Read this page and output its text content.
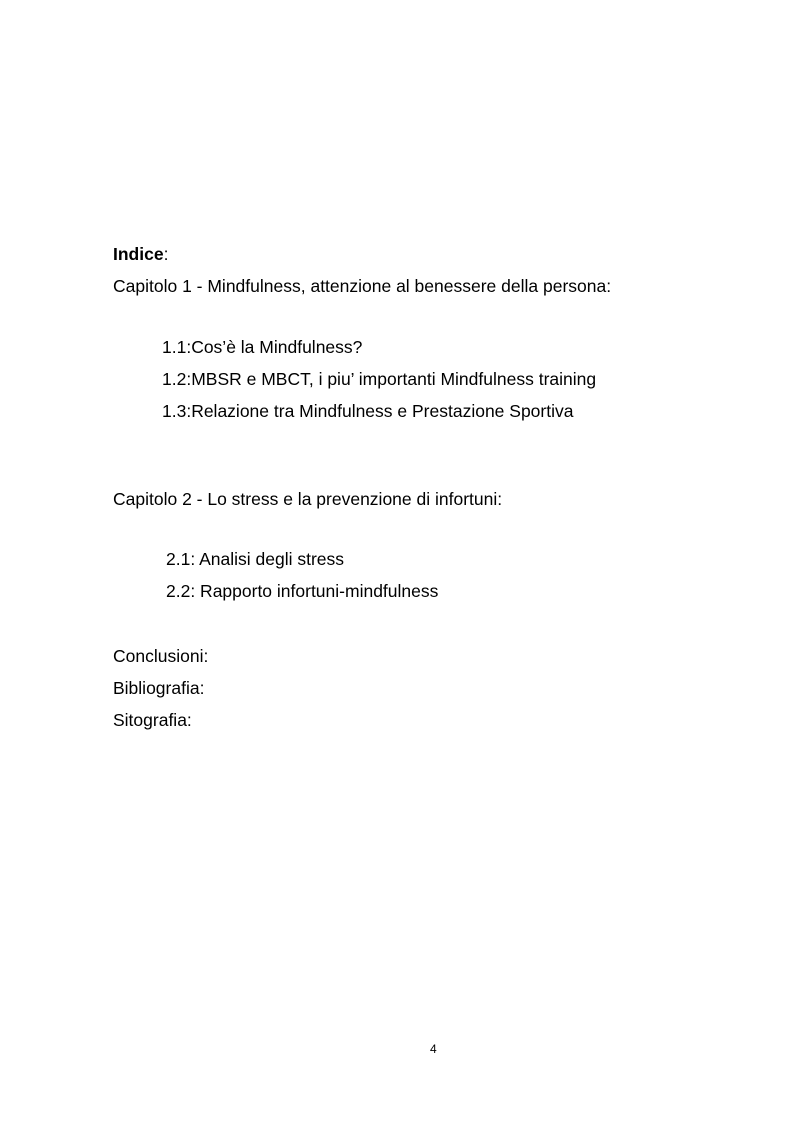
Indice:
Capitolo 1 - Mindfulness, attenzione al benessere della persona:
1.1:Cos’è la Mindfulness?
1.2:MBSR e MBCT, i piu’ importanti Mindfulness training
1.3:Relazione tra Mindfulness e Prestazione Sportiva
Capitolo 2 - Lo stress e la prevenzione di infortuni:
2.1: Analisi degli stress
2.2: Rapporto infortuni-mindfulness
Conclusioni:
Bibliografia:
Sitografia:
4
